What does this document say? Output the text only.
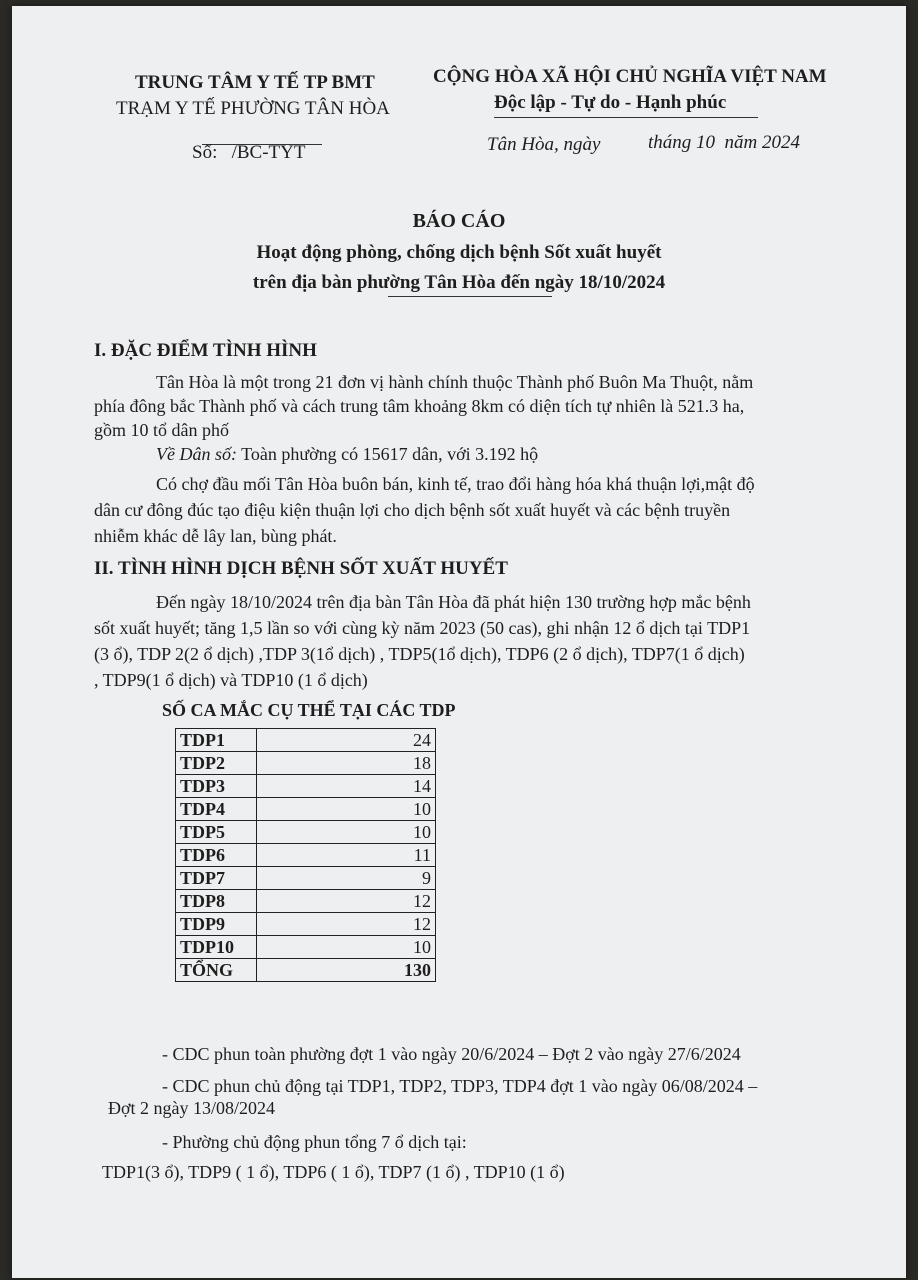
TRUNG TÂM Y TẾ TP BMT
TRẠM Y TẾ PHƯỜNG TÂN HÒA
Số:   /BC-TYT
CỘNG HÒA XÃ HỘI CHỦ NGHĨA VIỆT NAM
Độc lập - Tự do - Hạnh phúc
Tân Hòa, ngày	tháng 10  năm 2024
BÁO CÁO
Hoạt động phòng, chống dịch bệnh Sốt xuất huyết
trên địa bàn phường Tân Hòa đến ngày 18/10/2024
I. ĐẶC ĐIỂM TÌNH HÌNH
Tân Hòa là một trong 21 đơn vị hành chính thuộc Thành phố Buôn Ma Thuột, nằm
phía đông bắc Thành phố và cách trung tâm khoảng 8km có diện tích tự nhiên là 521.3 ha,
gồm 10 tổ dân phố
Về Dân số: Toàn phường có 15617 dân, với 3.192 hộ
Có chợ đầu mối Tân Hòa buôn bán, kinh tế, trao đổi hàng hóa khá thuận lợi,mật độ
dân cư đông đúc tạo điệu kiện thuận lợi cho dịch bệnh sốt xuất huyết và các bệnh truyền
nhiễm khác dễ lây lan, bùng phát.
II. TÌNH HÌNH DỊCH BỆNH SỐT XUẤT HUYẾT
Đến ngày 18/10/2024 trên địa bàn Tân Hòa đã phát hiện 130 trường hợp mắc bệnh
sốt xuất huyết; tăng 1,5 lần so với cùng kỳ năm 2023 (50 cas), ghi nhận 12 ổ dịch tại TDP1
(3 ổ), TDP 2(2 ổ dịch) ,TDP 3(1ổ dịch) , TDP5(1ổ dịch), TDP6 (2 ổ dịch), TDP7(1 ổ dịch)
, TDP9(1 ổ dịch) và TDP10 (1 ổ dịch)
SỐ CA MẮC CỤ THỂ TẠI CÁC TDP
TDP1	24
TDP2	18
TDP3	14
TDP4	10
TDP5	10
TDP6	11
TDP7	9
TDP8	12
TDP9	12
TDP10	10
TỔNG	130
- CDC phun toàn phường đợt 1 vào ngày 20/6/2024 – Đợt 2 vào ngày 27/6/2024
- CDC phun chủ động tại TDP1, TDP2, TDP3, TDP4 đợt 1 vào ngày 06/08/2024 –
Đợt 2 ngày 13/08/2024
- Phường chủ động phun tổng 7 ổ dịch tại:
TDP1(3 ổ), TDP9 ( 1 ổ), TDP6 ( 1 ổ), TDP7 (1 ổ) , TDP10 (1 ổ)
